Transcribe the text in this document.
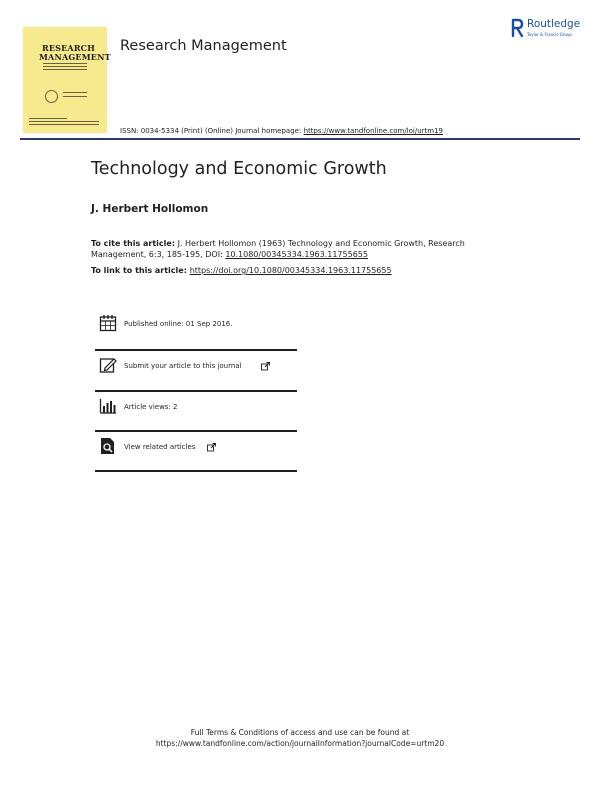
RESEARCH
MANAGEMENT
Research Management
Routledge
Taylor & Francis Group
ISSN: 0034-5334 (Print) (Online) Journal homepage: https://www.tandfonline.com/loi/urtm19
Technology and Economic Growth
J. Herbert Hollomon
To cite this article: J. Herbert Hollomon (1963) Technology and Economic Growth, Research Management, 6:3, 185-195, DOI: 10.1080/00345334.1963.11755655
To link to this article: https://doi.org/10.1080/00345334.1963.11755655
Published online: 01 Sep 2016.
Submit your article to this journal
Article views: 2
View related articles
Full Terms & Conditions of access and use can be found at
https://www.tandfonline.com/action/journalInformation?journalCode=urtm20
